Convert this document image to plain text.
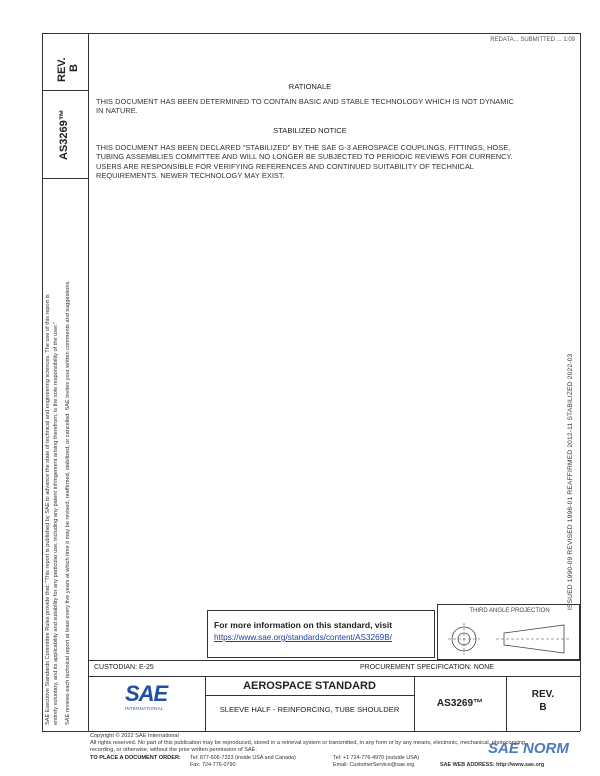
REDATA... SUBMITTED ... 1:09
REV. B
AS3269™
SAE Executive Standards Committee Rules provide that: "This report is published by SAE to advance the state of technical and engineering sciences. The use of this report is entirely voluntary, and its applicability and suitability for any particular use, including any patent infringement arising therefrom, is the sole responsibility of the user." SAE reviews each technical report at least every five years at which time it may be revised, reaffirmed, stabilized, or cancelled. SAE invites your written comments and suggestions.	ISSUED 1990-09 REVISED 1998-01 REAFFIRMED 2012-11 STABILIZED 2022-03
RATIONALE
THIS DOCUMENT HAS BEEN DETERMINED TO CONTAIN BASIC AND STABLE TECHNOLOGY WHICH IS NOT DYNAMIC IN NATURE.
STABILIZED NOTICE
THIS DOCUMENT HAS BEEN DECLARED "STABILIZED" BY THE SAE G-3 AEROSPACE COUPLINGS, FITTINGS, HOSE, TUBING ASSEMBLIES COMMITTEE AND WILL NO LONGER BE SUBJECTED TO PERIODIC REVIEWS FOR CURRENCY. USERS ARE RESPONSIBLE FOR VERIFYING REFERENCES AND CONTINUED SUITABILITY OF TECHNICAL REQUIREMENTS. NEWER TECHNOLOGY MAY EXIST.
For more information on this standard, visit
https://www.sae.org/standards/content/AS3269B/
THIRD ANGLE PROJECTION
CUSTODIAN: E-25	PROCUREMENT SPECIFICATION: NONE
SAE
INTERNATIONAL
AEROSPACE STANDARD
SLEEVE HALF - REINFORCING, TUBE SHOULDER
AS3269™
REV.
B
Copyright © 2022 SAE International
All rights reserved. No part of this publication may be reproduced, stored in a retrieval system or transmitted, in any form or by any means, electronic, mechanical, photocopying,
recording, or otherwise, without the prior written permission of SAE.
TO PLACE A DOCUMENT ORDER: Tel: 877-606-7323 (inside USA and Canada)
Fax: 724-776-0790
Tel: +1 724-776-4970 (outside USA)
Email: CustomerService@sae.org	SAE WEB ADDRESS: http://www.sae.org
SAE NORM
